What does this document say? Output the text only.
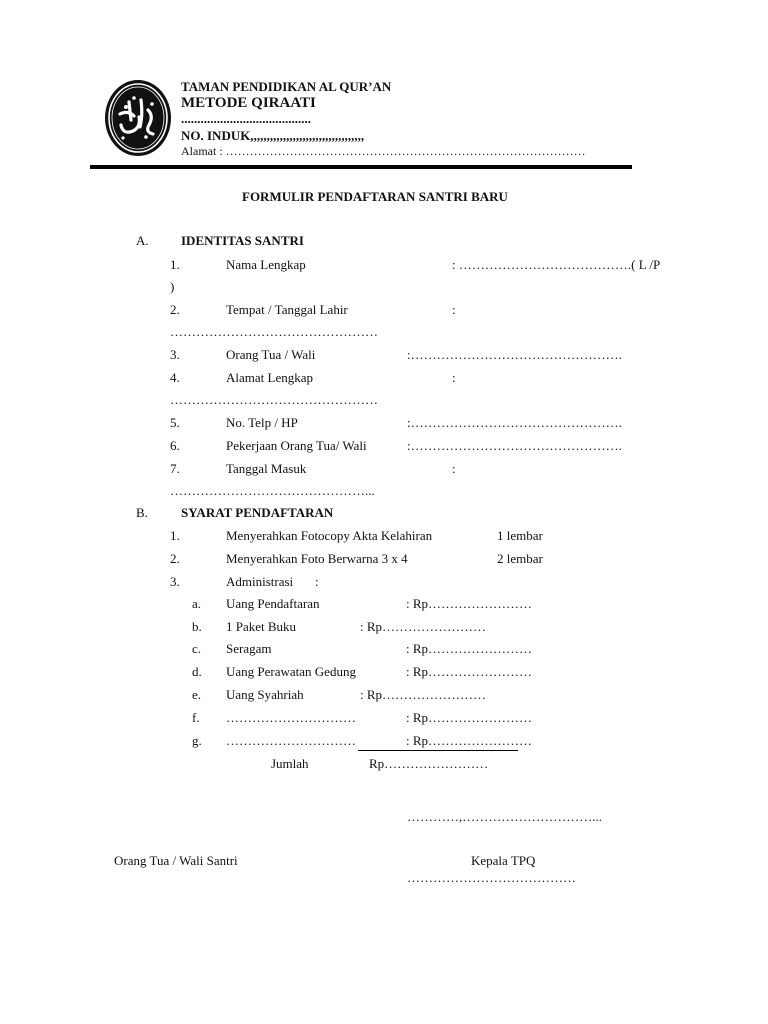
TAMAN PENDIDIKAN AL QUR’AN
METODE QIRAATI
........................................
NO. INDUK,,,,,,,,,,,,,,,,,,,,,,,,,,,,,,,,,,,
Alamat : ………………………………………………………………………………
FORMULIR PENDAFTARAN SANTRI BARU
A. IDENTITAS SANTRI
1.	Nama Lengkap	: ………………………………….( L /P
)
2.	Tempat / Tanggal Lahir	:
…………………………………………
3.	Orang Tua / Wali	:………………………………………….
4.	Alamat Lengkap	:
…………………………………………
5.	No. Telp / HP	:………………………………………….
6.	Pekerjaan Orang Tua/ Wali	:………………………………………….
7.	Tanggal Masuk	:
………………………………………...
B.	SYARAT PENDAFTARAN
1.	Menyerahkan Fotocopy Akta Kelahiran	1 lembar
2.	Menyerahkan Foto Berwarna 3 x 4	2 lembar
3.	Administrasi :
a. Uang Pendaftaran	: Rp……………………
b. 1 Paket Buku	: Rp……………………
c. Seragam	: Rp……………………
d. Uang Perawatan Gedung	: Rp……………………
e. Uang Syahriah	: Rp……………………
f. …………………………	: Rp……………………
g. …………………………	: Rp……………………
Jumlah	Rp……………………
…………,…………………………...
Orang Tua / Wali Santri	Kepala TPQ
…………………………………
